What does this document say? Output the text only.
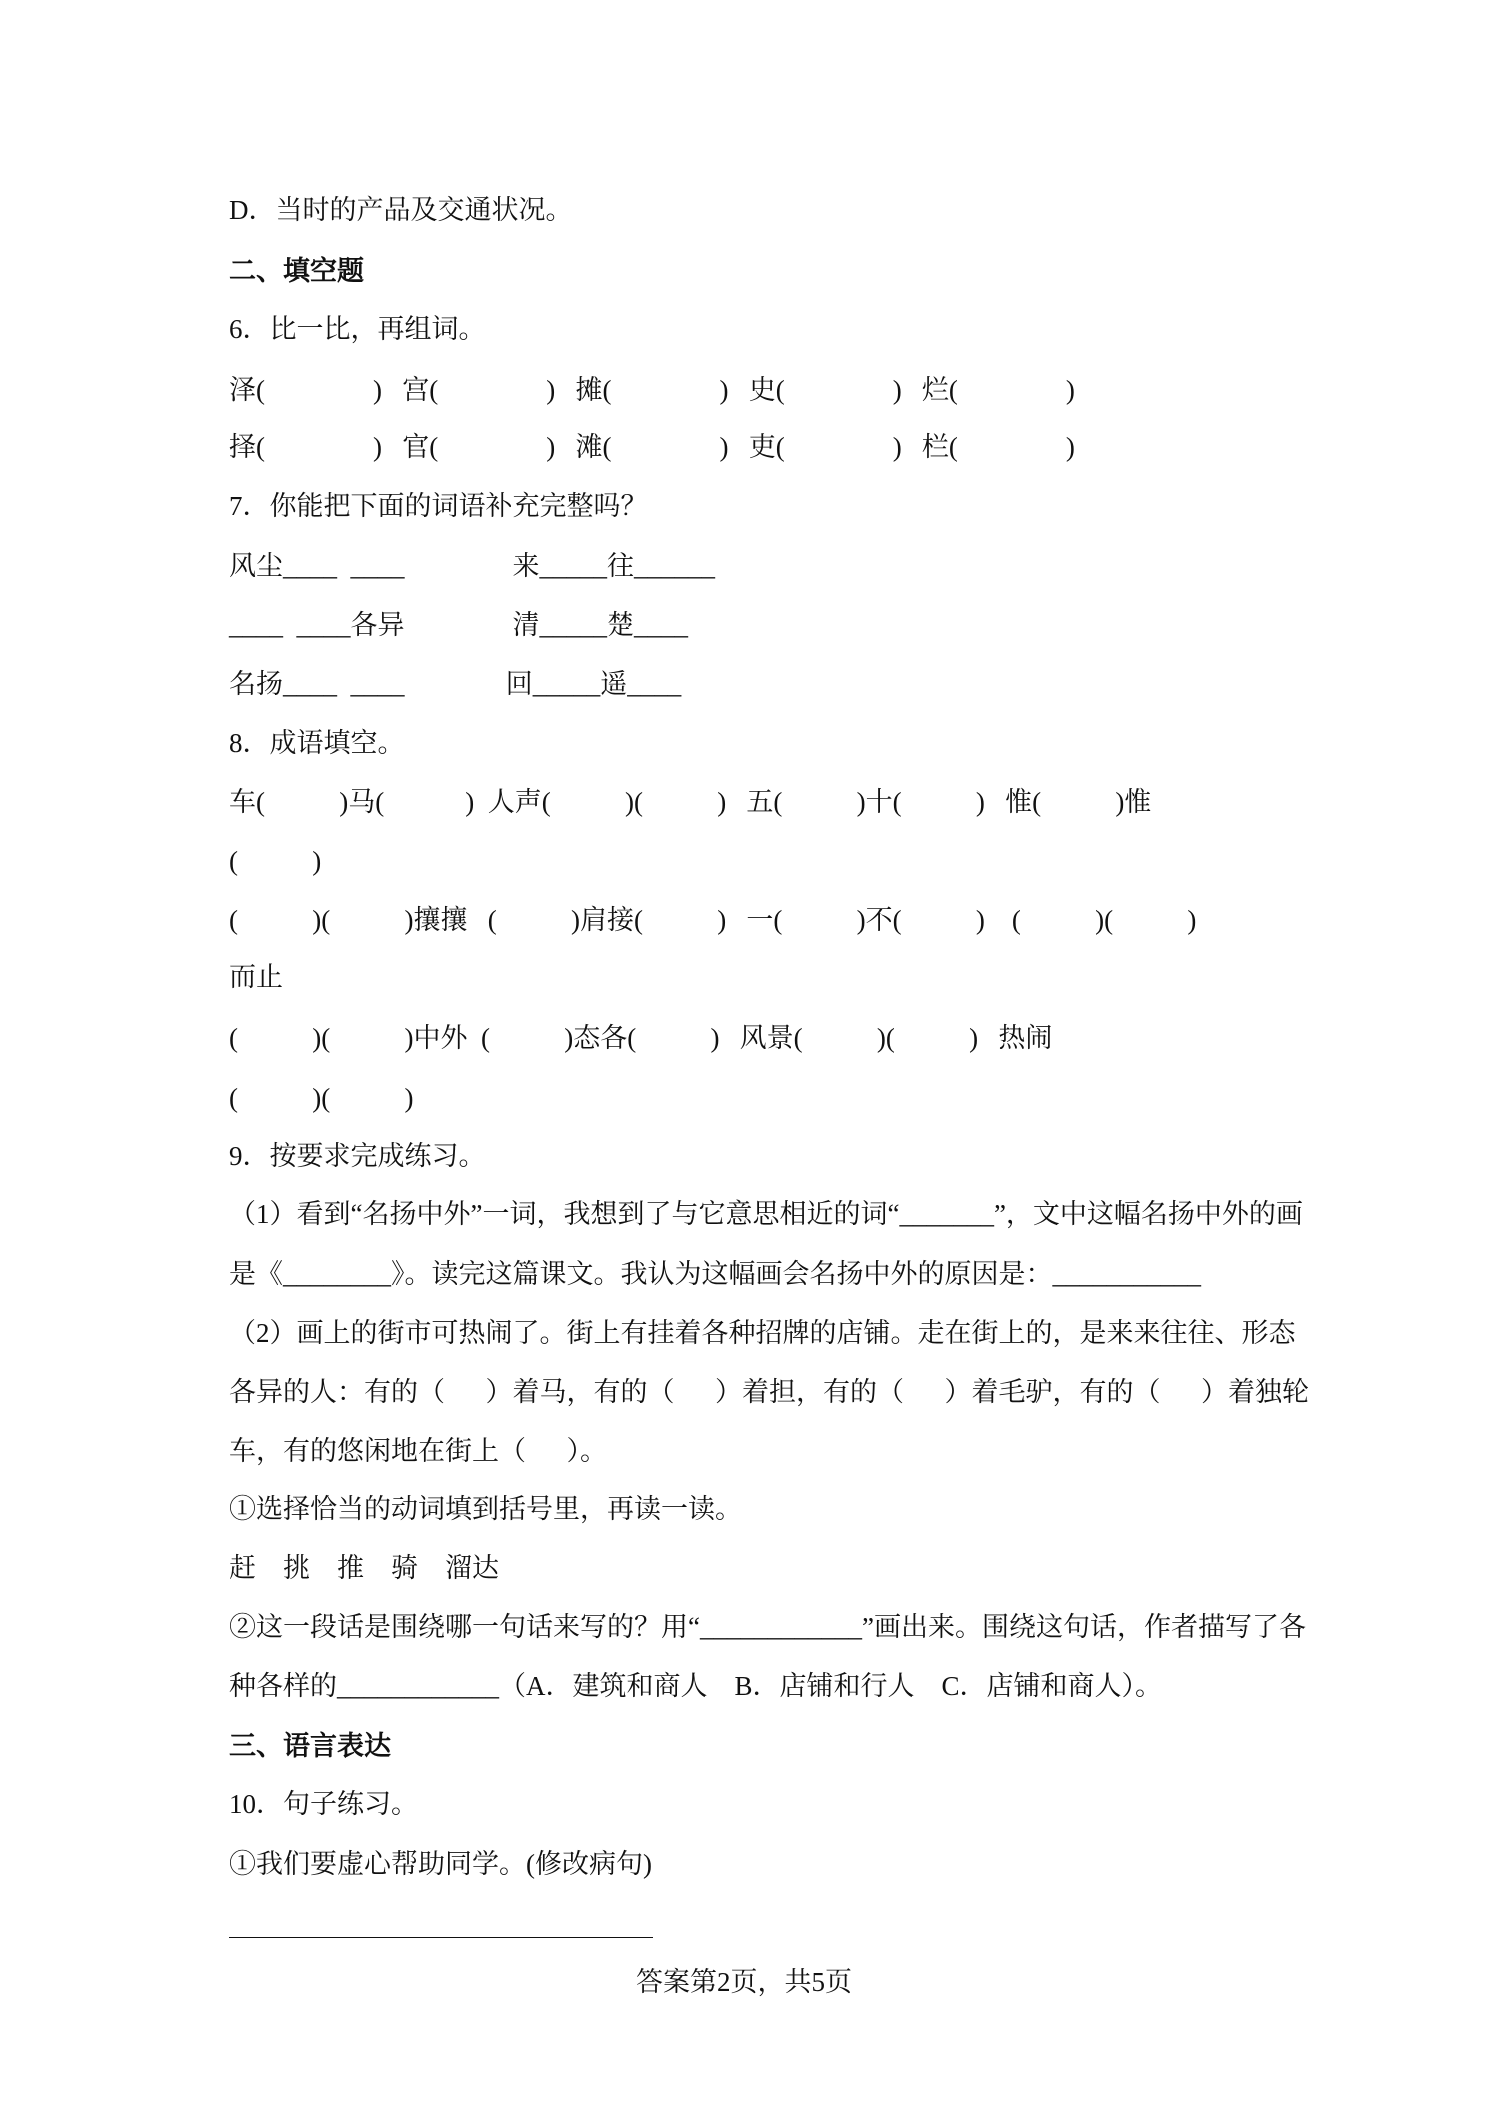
D．当时的产品及交通状况。
二、填空题
6．比一比，再组词。
泽(                )   宫(                )   摊(                )   史(                )   烂(                )
择(                )   官(                )   滩(                )   吏(                )   栏(                )
7．你能把下面的词语补充完整吗？
风尘____  ____                来_____往______
____  ____各异                清_____楚____
名扬____  ____               回_____遥____
8．成语填空。
车(           )马(            )  人声(           )(           )   五(           )十(           )   惟(           )惟
(           )
(           )(           )攘攘   (           )肩接(           )   一(           )不(           )    (           )(           )
而止
(           )(           )中外  (           )态各(           )   风景(           )(           )   热闹
(           )(           )
9．按要求完成练习。
（1）看到“名扬中外”一词，我想到了与它意思相近的词“_______”，文中这幅名扬中外的画
是《________》。读完这篇课文。我认为这幅画会名扬中外的原因是：___________
（2）画上的街市可热闹了。街上有挂着各种招牌的店铺。走在街上的，是来来往往、形态
各异的人：有的（      ）着马，有的（      ）着担，有的（      ）着毛驴，有的（      ）着独轮
车，有的悠闲地在街上（      ）。
①选择恰当的动词填到括号里，再读一读。
赶    挑    推    骑    溜达
②这一段话是围绕哪一句话来写的？用“____________”画出来。围绕这句话，作者描写了各
种各样的____________（A．建筑和商人    B．店铺和行人    C．店铺和商人）。
三、语言表达
10．句子练习。
①我们要虚心帮助同学。(修改病句)
答案第2页，共5页
